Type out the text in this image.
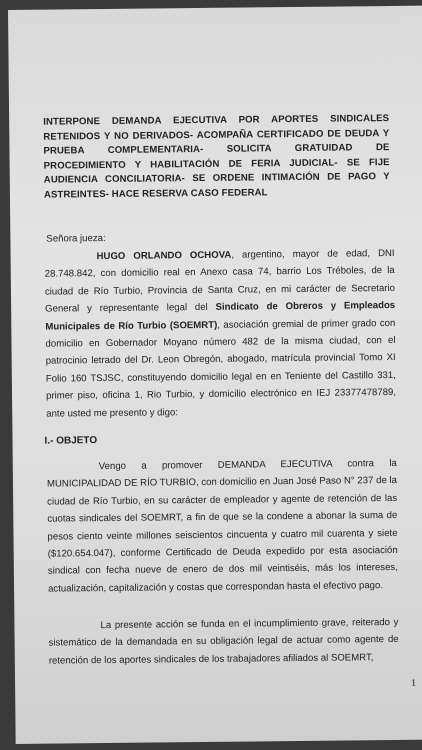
INTERPONE DEMANDA EJECUTIVA POR APORTES SINDICALES RETENIDOS Y NO DERIVADOS- ACOMPAÑA CERTIFICADO DE DEUDA Y PRUEBA COMPLEMENTARIA- SOLICITA GRATUIDAD DE PROCEDIMIENTO Y HABILITACIÓN DE FERIA JUDICIAL- SE FIJE AUDIENCIA CONCILIATORIA- SE ORDENE INTIMACIÓN DE PAGO Y ASTREINTES- HACE RESERVA CASO FEDERAL
Señora jueza:
HUGO ORLANDO OCHOVA, argentino, mayor de edad, DNI 28.748.842, con domicilio real en Anexo casa 74, barrio Los Tréboles, de la ciudad de Río Turbio, Provincia de Santa Cruz, en mi carácter de Secretario General y representante legal del Sindicato de Obreros y Empleados Municipales de Río Turbio (SOEMRT), asociación gremial de primer grado con domicilio en Gobernador Moyano número 482 de la misma ciudad, con el patrocinio letrado del Dr. Leon Obregón, abogado, matrícula provincial Tomo XI Folio 160 TSJSC, constituyendo domicilio legal en en Teniente del Castillo 331, primer piso, oficina 1, Rio Turbio, y domicilio electrónico en IEJ 23377478789, ante usted me presento y digo:
I.- OBJETO
Vengo a promover DEMANDA EJECUTIVA contra la MUNICIPALIDAD DE RÍO TURBIO, con domicilio en Juan José Paso N° 237 de la ciudad de Río Turbio, en su carácter de empleador y agente de retención de las cuotas sindicales del SOEMRT, a fin de que se la condene a abonar la suma de pesos ciento veinte millones seiscientos cincuenta y cuatro mil cuarenta y siete ($120.654.047), conforme Certificado de Deuda expedido por esta asociación sindical con fecha nueve de enero de dos mil veintiséis, más los intereses, actualización, capitalización y costas que correspondan hasta el efectivo pago.
La presente acción se funda en el incumplimiento grave, reiterado y sistemático de la demandada en su obligación legal de actuar como agente de retención de los aportes sindicales de los trabajadores afiliados al SOEMRT,
1
